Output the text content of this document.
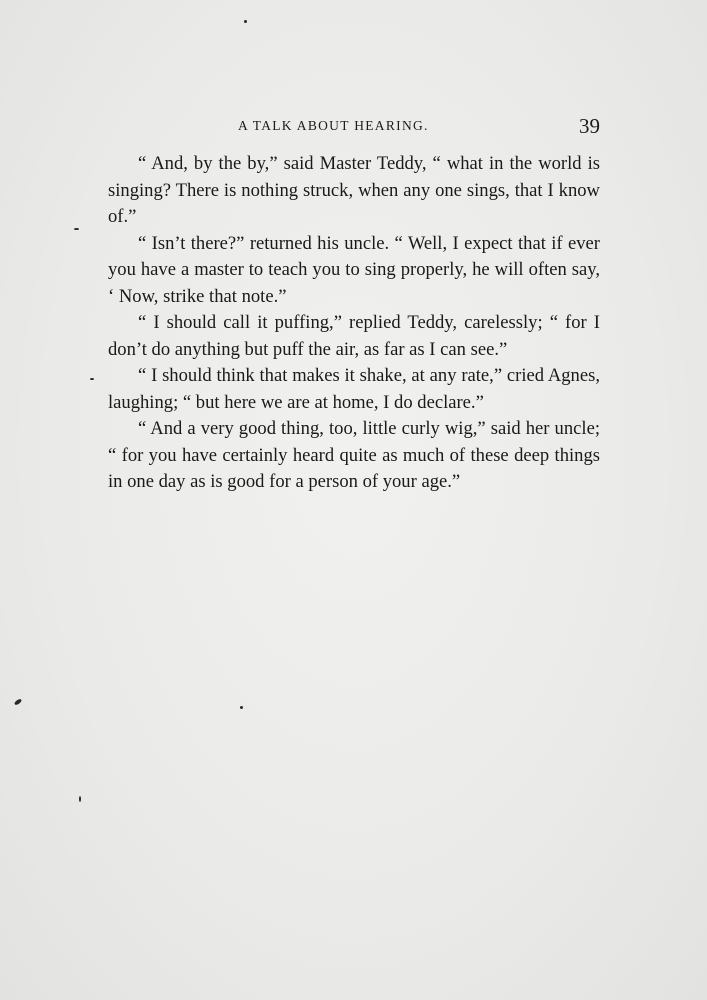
A TALK ABOUT HEARING.	39

“ And, by the by,” said Master Teddy, “ what in the world is singing? There is nothing struck, when any one sings, that I know of.”

“ Isn’t there?” returned his uncle. “ Well, I expect that if ever you have a master to teach you to sing properly, he will often say, ‘ Now, strike that note.”

“ I should call it puffing,” replied Teddy, carelessly; “ for I don’t do anything but puff the air, as far as I can see.”

“ I should think that makes it shake, at any rate,” cried Agnes, laughing; “ but here we are at home, I do declare.”

“ And a very good thing, too, little curly wig,” said her uncle; “ for you have certainly heard quite as much of these deep things in one day as is good for a person of your age.”
